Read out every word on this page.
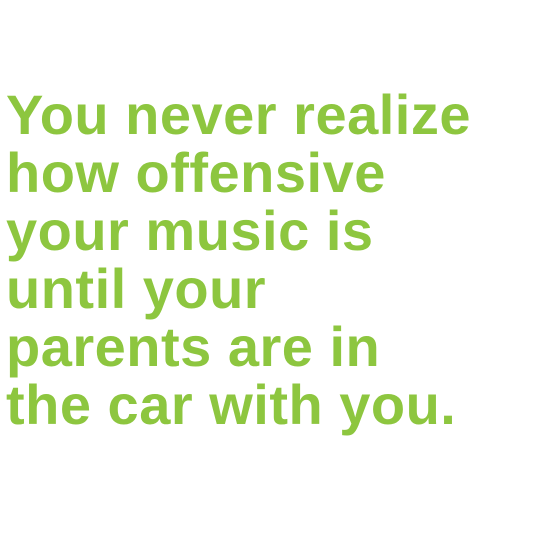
You never realize
how offensive
your music is
until your
parents are in
the car with you.
